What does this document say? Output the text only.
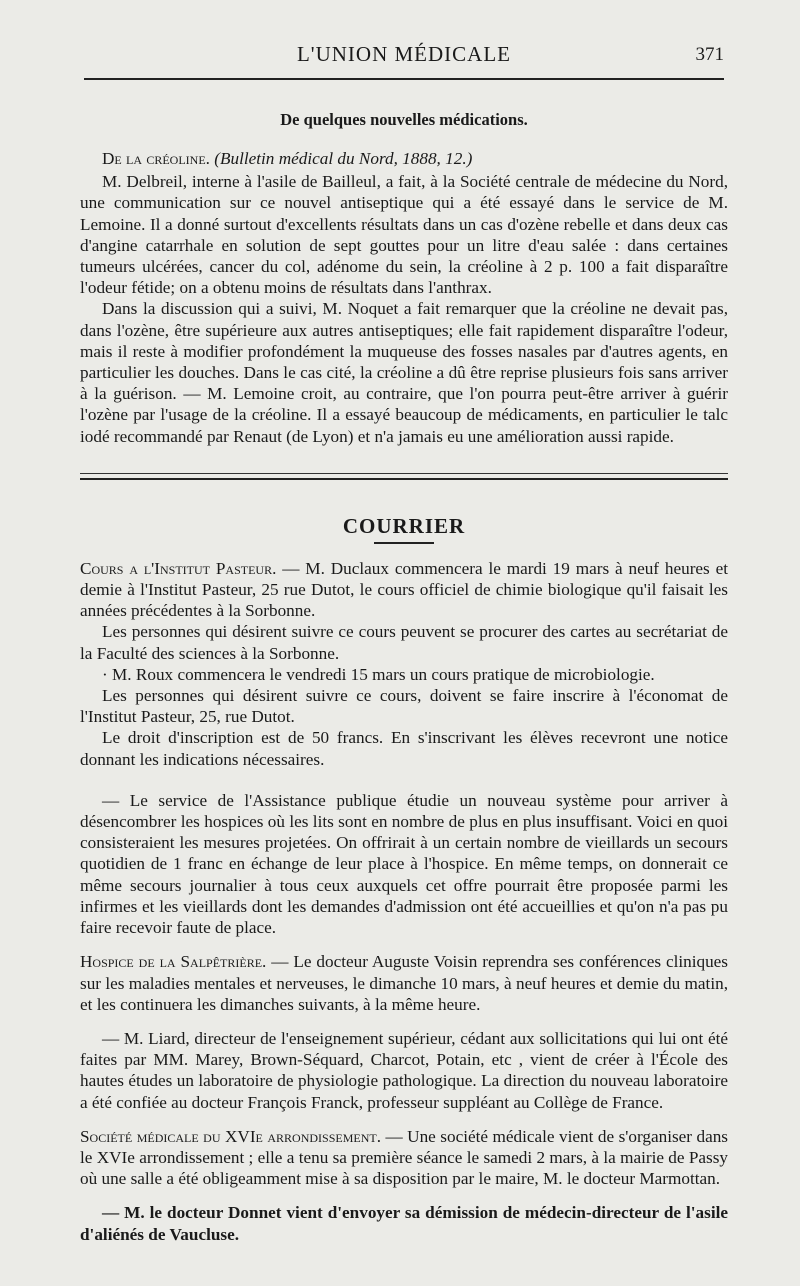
L'UNION MÉDICALE	371
De quelques nouvelles médications.

De la créoline. (Bulletin médical du Nord, 1888, 12.)

M. Delbreil, interne à l'asile de Bailleul, a fait, à la Société centrale de médecine du Nord, une communication sur ce nouvel antiseptique qui a été essayé dans le service de M. Lemoine. Il a donné surtout d'excellents résultats dans un cas d'ozène rebelle et dans deux cas d'angine catarrhale en solution de sept gouttes pour un litre d'eau salée : dans certaines tumeurs ulcérées, cancer du col, adénome du sein, la créoline à 2 p. 100 a fait disparaître l'odeur fétide; on a obtenu moins de résultats dans l'anthrax.

Dans la discussion qui a suivi, M. Noquet a fait remarquer que la créoline ne devait pas, dans l'ozène, être supérieure aux autres antiseptiques; elle fait rapidement disparaître l'odeur, mais il reste à modifier profondément la muqueuse des fosses nasales par d'autres agents, en particulier les douches. Dans le cas cité, la créoline a dû être reprise plusieurs fois sans arriver à la guérison. — M. Lemoine croit, au contraire, que l'on pourra peut-être arriver à guérir l'ozène par l'usage de la créoline. Il a essayé beaucoup de médicaments, en particulier le talc iodé recommandé par Renaut (de Lyon) et n'a jamais eu une amélioration aussi rapide.

COURRIER

Cours a l'Institut Pasteur. — M. Duclaux commencera le mardi 19 mars à neuf heures et demie à l'Institut Pasteur, 25 rue Dutot, le cours officiel de chimie biologique qu'il faisait les années précédentes à la Sorbonne.

Les personnes qui désirent suivre ce cours peuvent se procurer des cartes au secrétariat de la Faculté des sciences à la Sorbonne.

· M. Roux commencera le vendredi 15 mars un cours pratique de microbiologie.

Les personnes qui désirent suivre ce cours, doivent se faire inscrire à l'économat de l'Institut Pasteur, 25, rue Dutot.

Le droit d'inscription est de 50 francs. En s'inscrivant les élèves recevront une notice donnant les indications nécessaires.

— Le service de l'Assistance publique étudie un nouveau système pour arriver à désencombrer les hospices où les lits sont en nombre de plus en plus insuffisant. Voici en quoi consisteraient les mesures projetées. On offrirait à un certain nombre de vieillards un secours quotidien de 1 franc en échange de leur place à l'hospice. En même temps, on donnerait ce même secours journalier à tous ceux auxquels cet offre pourrait être proposée parmi les infirmes et les vieillards dont les demandes d'admission ont été accueillies et qu'on n'a pas pu faire recevoir faute de place.

Hospice de la Salpêtrière. — Le docteur Auguste Voisin reprendra ses conférences cliniques sur les maladies mentales et nerveuses, le dimanche 10 mars, à neuf heures et demie du matin, et les continuera les dimanches suivants, à la même heure.

— M. Liard, directeur de l'enseignement supérieur, cédant aux sollicitations qui lui ont été faites par MM. Marey, Brown-Séquard, Charcot, Potain, etc , vient de créer à l'École des hautes études un laboratoire de physiologie pathologique. La direction du nouveau laboratoire a été confiée au docteur François Franck, professeur suppléant au Collège de France.

Société médicale du XVIe arrondissement. — Une société médicale vient de s'organiser dans le XVIe arrondissement ; elle a tenu sa première séance le samedi 2 mars, à la mairie de Passy où une salle a été obligeamment mise à sa disposition par le maire, M. le docteur Marmottan.

— M. le docteur Donnet vient d'envoyer sa démission de médecin-directeur de l'asile d'aliénés de Vaucluse.
